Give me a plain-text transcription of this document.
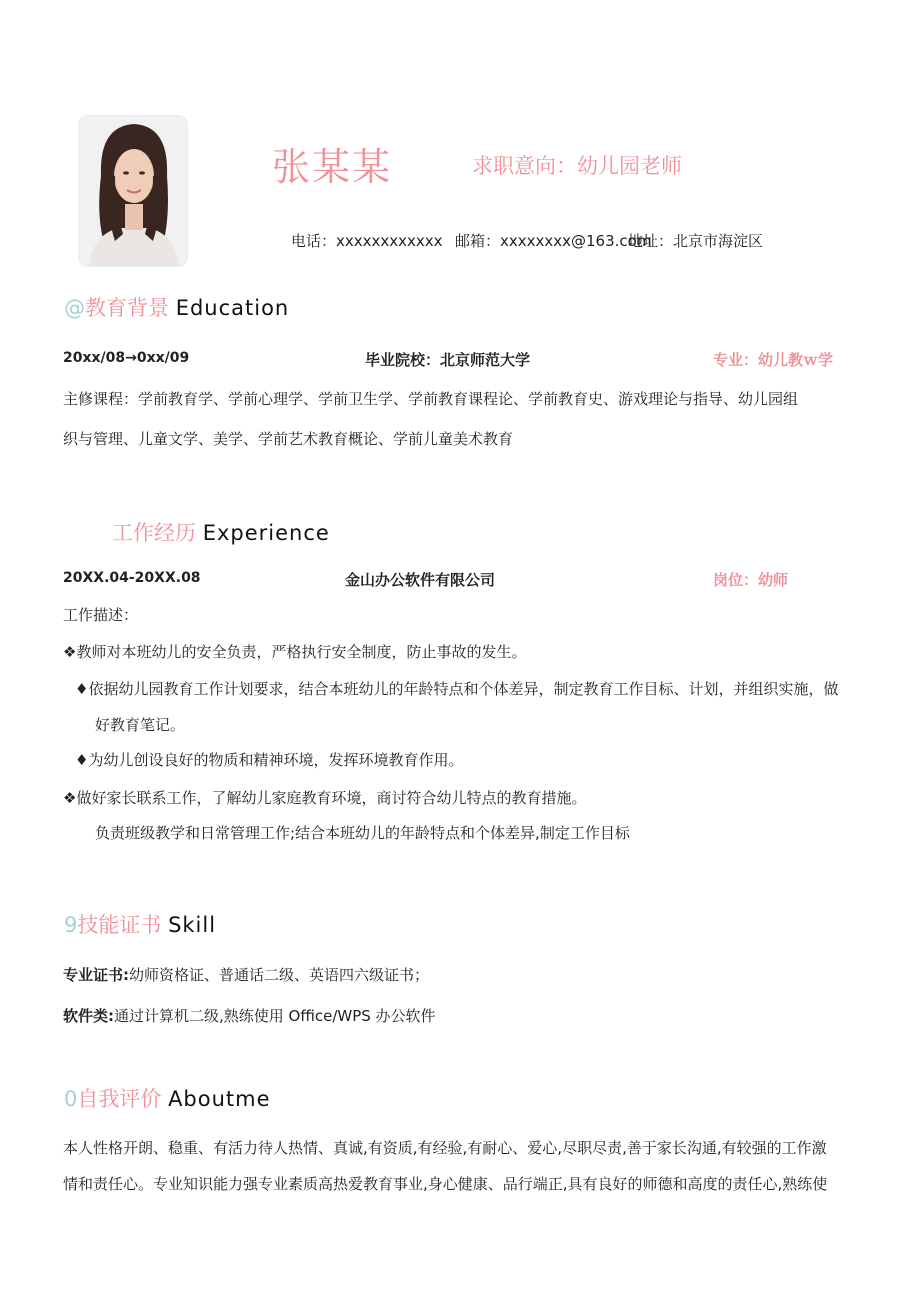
张某某	求职意向：幼儿园老师
电话：xxxxxxxxxxxx 邮箱：xxxxxxxx@163.com
地址：北京市海淀区
@教育背景 Education
20xx/08→0xx/09	毕业院校：北京师范大学	专业：幼儿教ｗ学
主修课程：学前教育学、学前心理学、学前卫生学、学前教育课程论、学前教育史、游戏理论与指导、幼儿园组
织与管理、儿童文学、美学、学前艺术教育概论、学前儿童美术教育
工作经历 Experience
20XX.04-20XX.08	金山办公软件有限公司	岗位：幼师
工作描述：
❖教师对本班幼儿的安全负责，严格执行安全制度，防止事故的发生。
♦依据幼儿园教育工作计划要求，结合本班幼儿的年龄特点和个体差异，制定教育工作目标、计划，并组织实施，做
好教育笔记。
♦为幼儿创设良好的物质和精神环境，发挥环境教育作用。
❖做好家长联系工作，了解幼儿家庭教育环境，商讨符合幼儿特点的教育措施。
负责班级教学和日常管理工作;结合本班幼儿的年龄特点和个体差异,制定工作目标
9技能证书 Skill
专业证书:幼师资格证、普通话二级、英语四六级证书；
软件类:通过计算机二级,熟练使用 Office/WPS 办公软件
0自我评价 Aboutme
本人性格开朗、稳重、有活力待人热情、真诚,有资质,有经验,有耐心、爱心,尽职尽责,善于家长沟通,有较强的工作激
情和责任心。专业知识能力强专业素质高热爱教育事业,身心健康、品行端正,具有良好的师德和高度的责任心,熟练使
